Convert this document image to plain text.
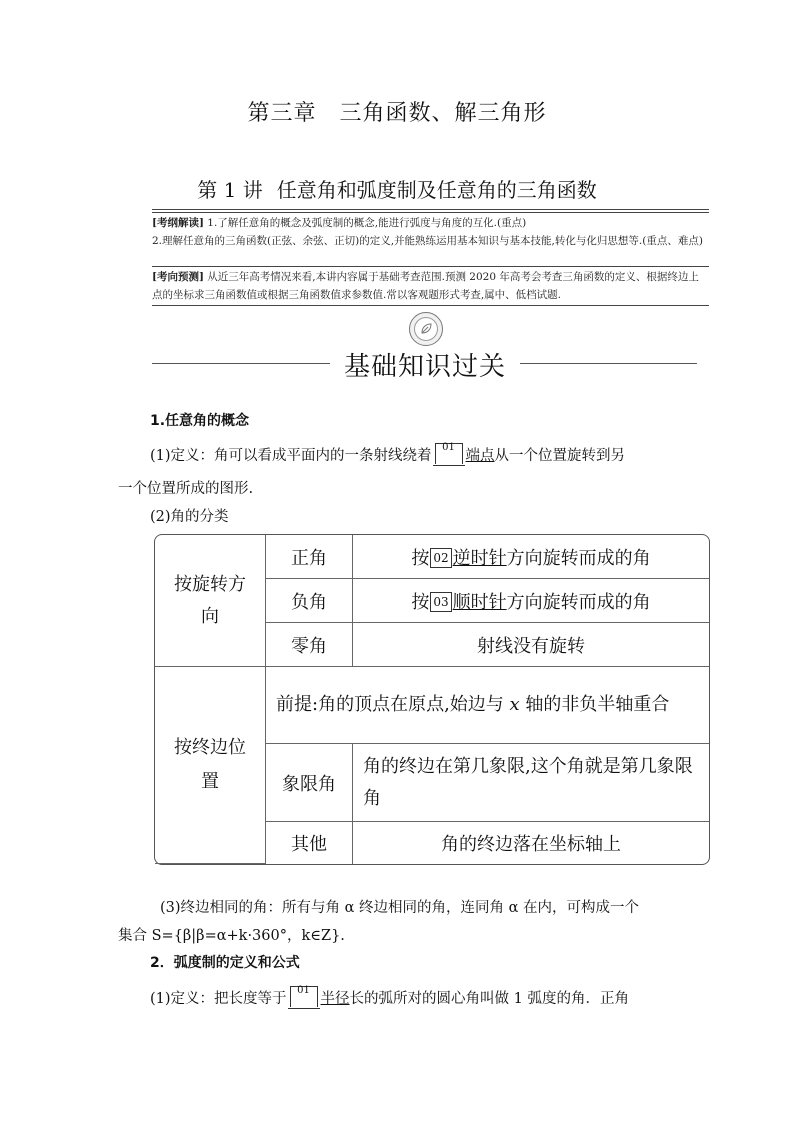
第三章　三角函数、解三角形
第 1 讲 任意角和弧度制及任意角的三角函数
[考纲解读] 1.了解任意角的概念及弧度制的概念,能进行弧度与角度的互化.(重点)
2.理解任意角的三角函数(正弦、余弦、正切)的定义,并能熟练运用基本知识与基本技能,转化与化归思想等.(重点、难点)
[考向预测] 从近三年高考情况来看,本讲内容属于基础考查范围.预测 2020 年高考会考查三角函数的定义、根据终边上点的坐标求三角函数值或根据三角函数值求参数值.常以客观题形式考查,属中、低档试题.
基础知识过关
1.任意角的概念
(1)定义：角可以看成平面内的一条射线绕着
01
端点从一个位置旋转到另
一个位置所成的图形.
(2)角的分类
按旋转方向	正角	按 02 逆时针方向旋转而成的角
	负角	按 03 顺时针方向旋转而成的角
	零角	射线没有旋转
按终边位置	前提:角的顶点在原点,始边与 x 轴的非负半轴重合	
	象限角	角的终边在第几象限,这个角就是第几象限角
	其他	角的终边落在坐标轴上
(3)终边相同的角：所有与角 α 终边相同的角，连同角 α 在内，可构成一个
集合 S={β|β=α+k·360°，k∈Z}.
2．弧度制的定义和公式
(1)定义：把长度等于
01
半径长的弧所对的圆心角叫做 1 弧度的角．正角
